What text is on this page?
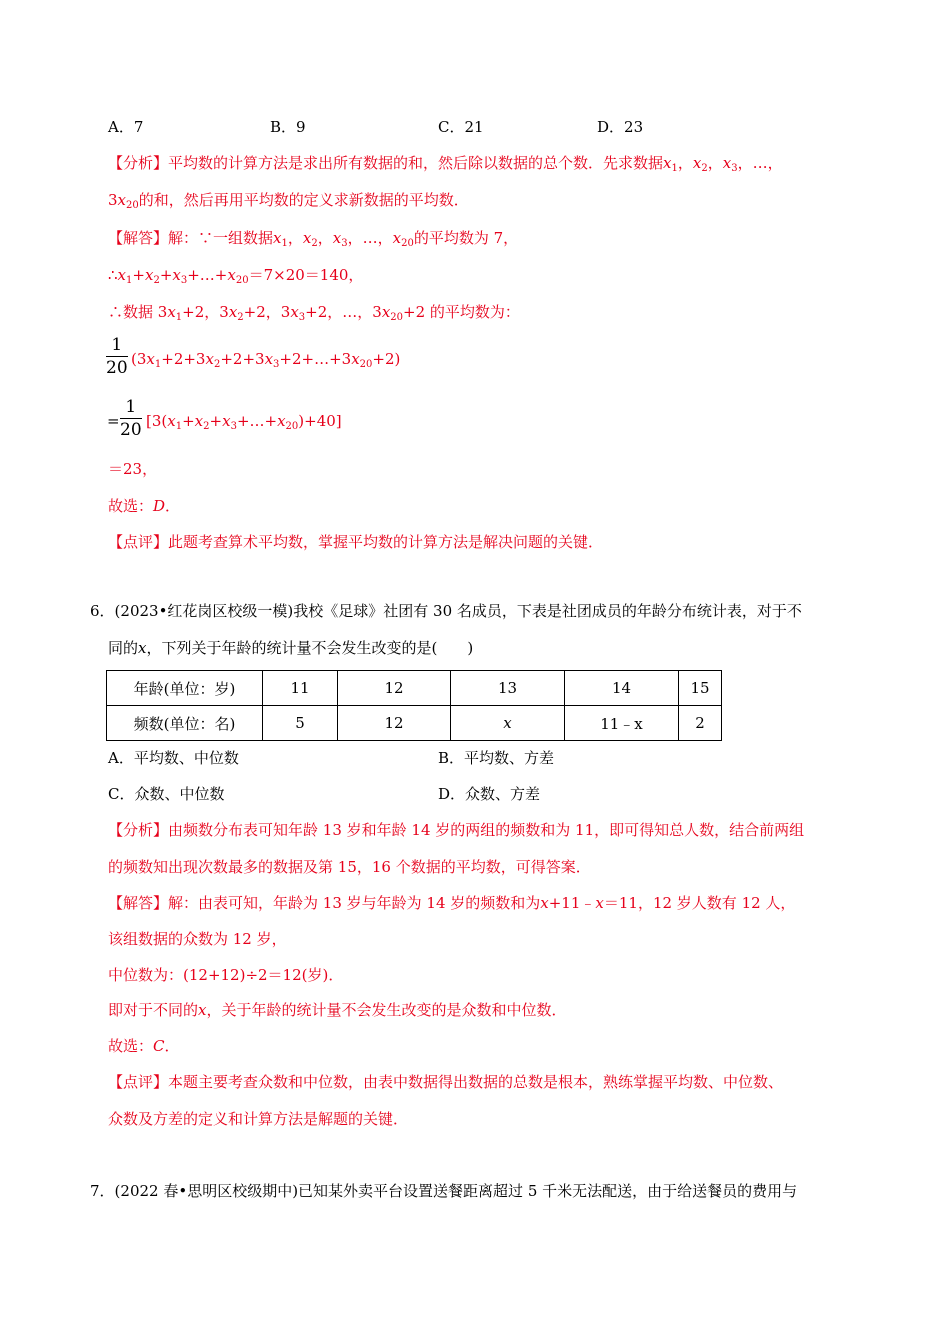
A．7	B．9	C．21	D．23
【分析】平均数的计算方法是求出所有数据的和，然后除以数据的总个数．先求数据$x_1$，$x_2$，$x_3$，…，
$3x_{20}$的和，然后再用平均数的定义求新数据的平均数．
【解答】解：∵一组数据$x_1$，$x_2$，$x_3$，…，$x_{20}$的平均数为 7，
$\therefore x_1+x_2+x_3+\dots+x_{20}=7\times 20=140$，
∴数据 $3x_1+2$，$3x_2+2$，$3x_3+2$，…，$3x_{20}+2$ 的平均数为：
1
20 $(3x_1+2+3x_2+2+3x_3+2+\dots+3x_{20}+2)$
=
1
20 $[3(x_1+x_2+x_3+\dots+x_{20})+40]$
＝23，
故选：D．
【点评】此题考查算术平均数，掌握平均数的计算方法是解决问题的关键．
6．(2023•红花岗区校级一模)我校《足球》社团有 30 名成员，下表是社团成员的年龄分布统计表，对于不
同的x，下列关于年龄的统计量不会发生改变的是(　　)
年龄(单位：岁)	11	12	13	14	15
频数(单位：名)	5	12	x	11﹣x	2
A．平均数、中位数	B．平均数、方差
C．众数、中位数	D．众数、方差
【分析】由频数分布表可知年龄 13 岁和年龄 14 岁的两组的频数和为 11，即可得知总人数，结合前两组
的频数知出现次数最多的数据及第 15，16 个数据的平均数，可得答案．
【解答】解：由表可知，年龄为 13 岁与年龄为 14 岁的频数和为x+11﹣x＝11，12 岁人数有 12 人，
该组数据的众数为 12 岁，
中位数为：(12+12)÷2＝12(岁)．
即对于不同的x，关于年龄的统计量不会发生改变的是众数和中位数．
故选：C．
【点评】本题主要考查众数和中位数，由表中数据得出数据的总数是根本，熟练掌握平均数、中位数、
众数及方差的定义和计算方法是解题的关键．
7．(2022 春•思明区校级期中)已知某外卖平台设置送餐距离超过 5 千米无法配送，由于给送餐员的费用与
